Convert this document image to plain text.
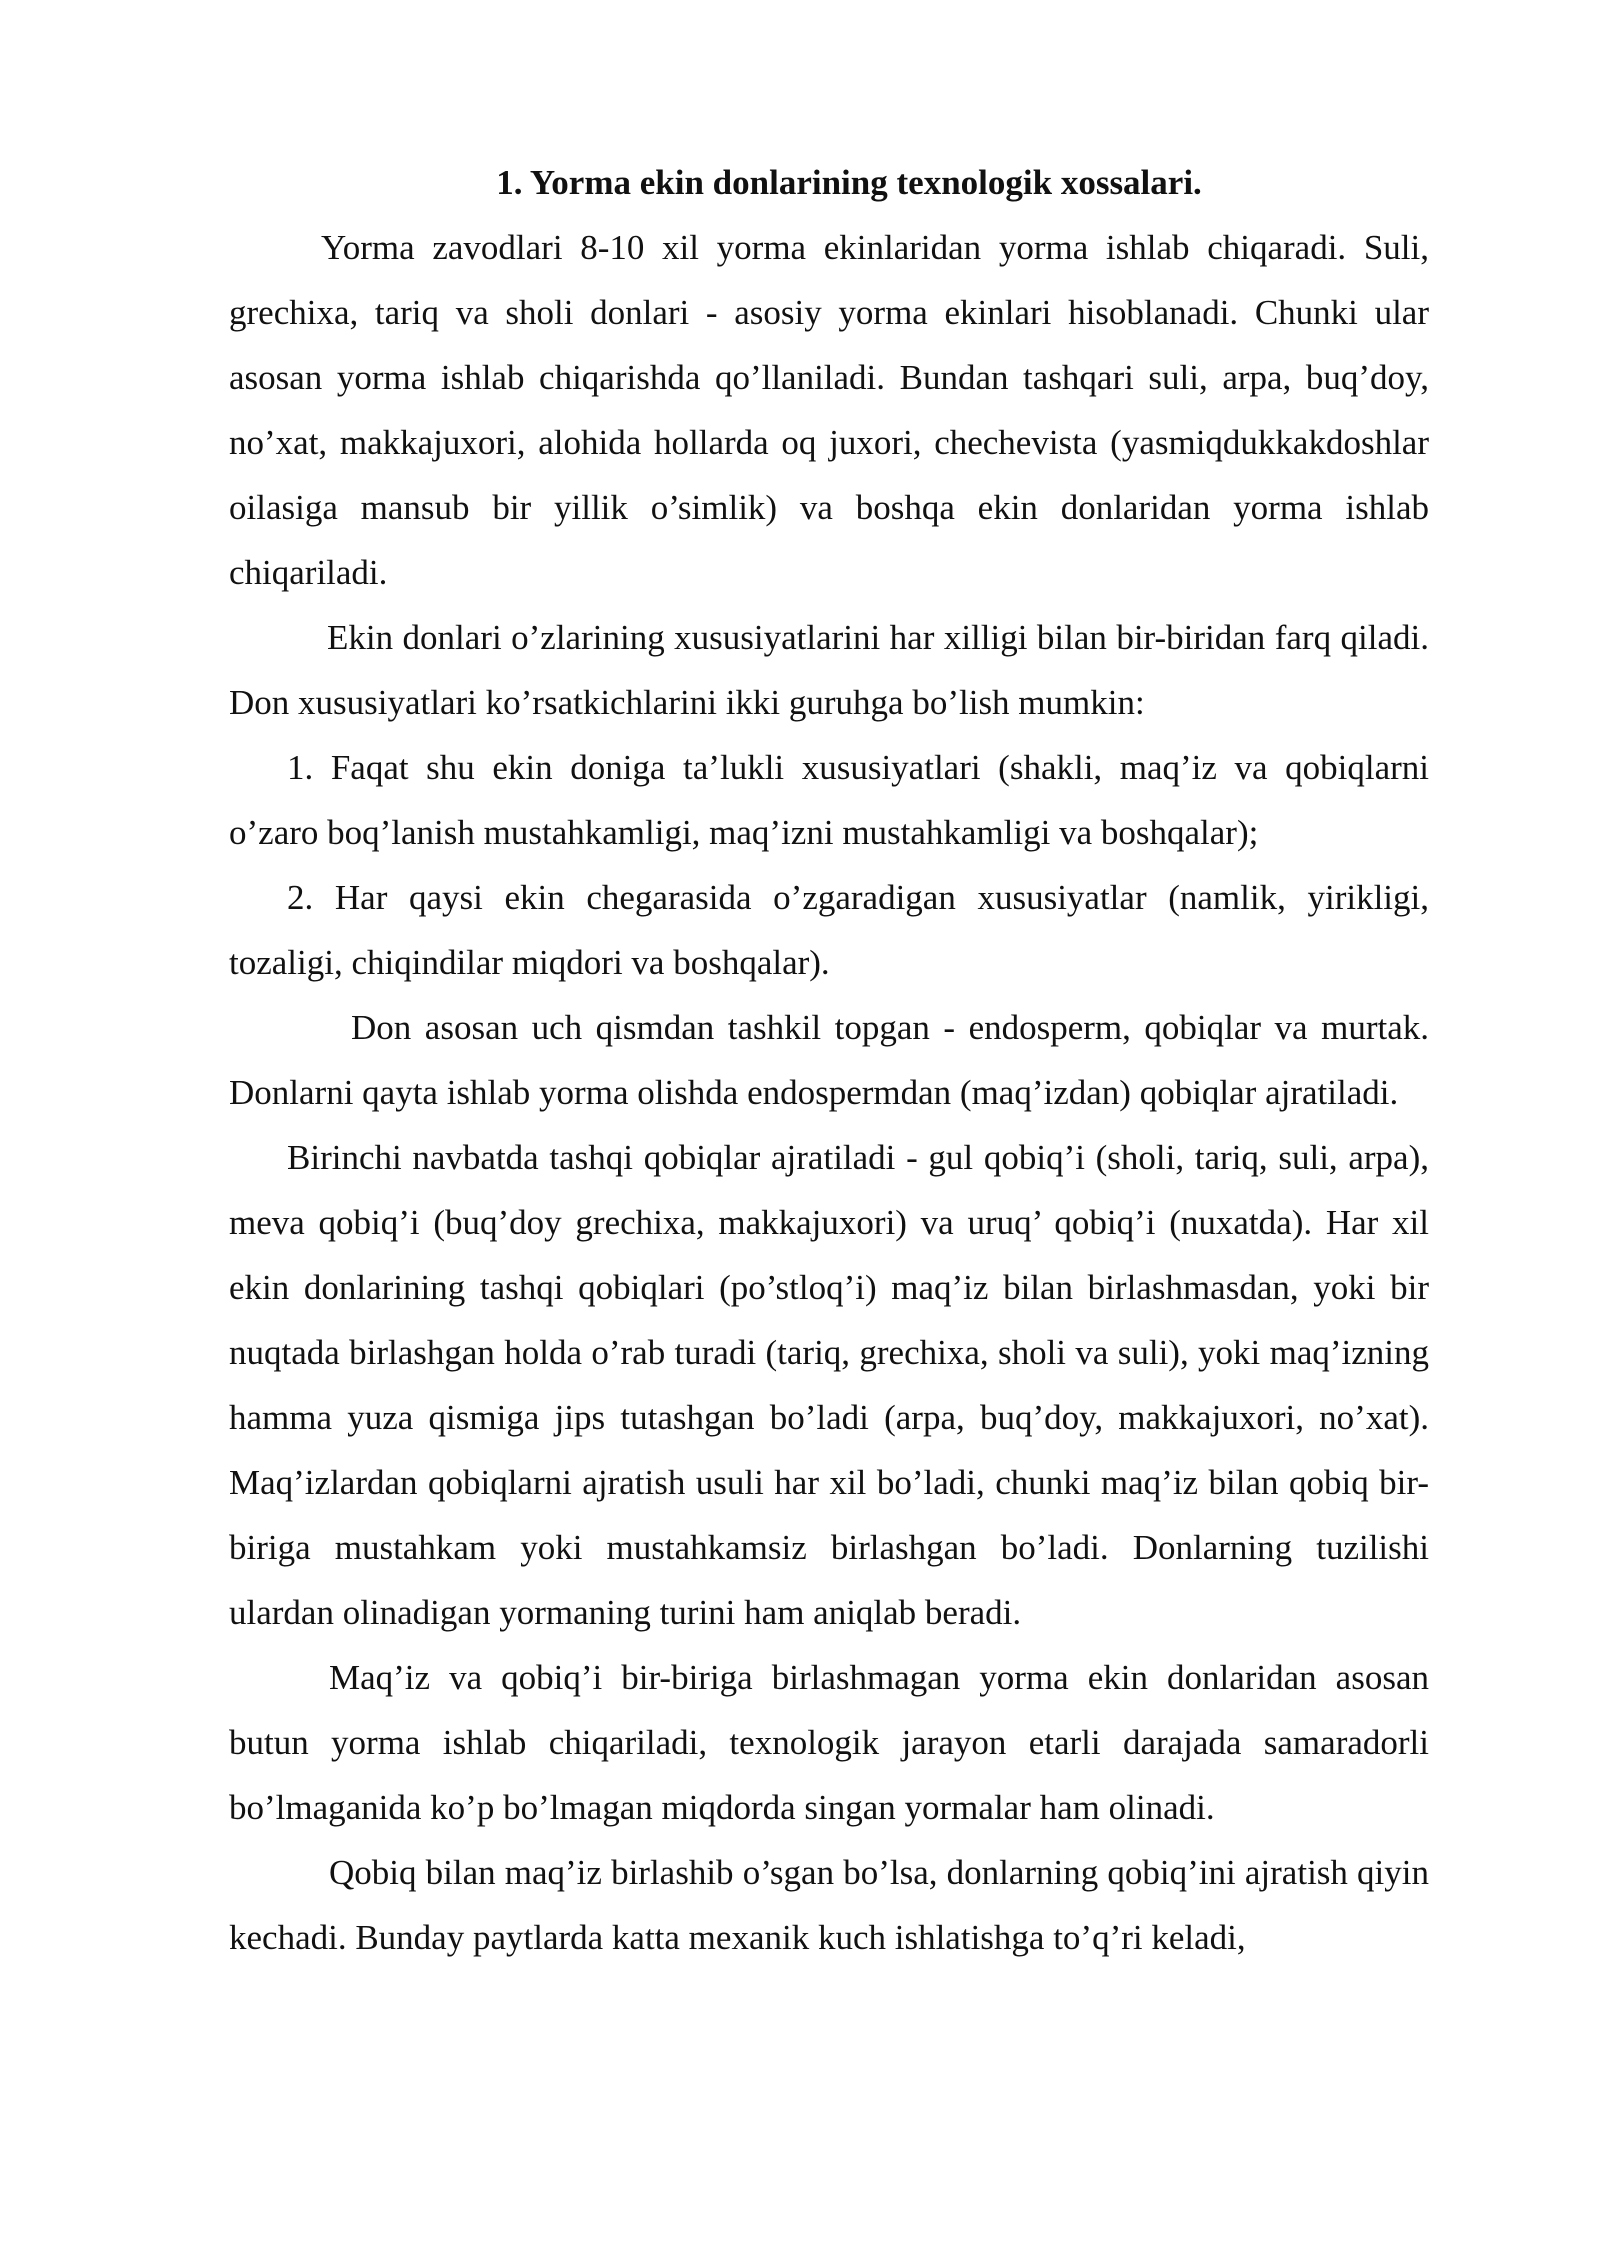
1. Yorma ekin donlarining texnologik xossalari.

Yorma zavodlari 8-10 xil yorma ekinlaridan yorma ishlab chiqaradi. Suli, grechixa, tariq va sholi donlari - asosiy yorma ekinlari hisoblanadi. Chunki ular asosan yorma ishlab chiqarishda qo’llaniladi. Bundan tashqari suli, arpa, buq’doy, no’xat, makkajuxori, alohida hollarda oq juxori, chechevista (yasmiqdukkakdoshlar oilasiga mansub bir yillik o’simlik) va boshqa ekin donlaridan yorma ishlab chiqariladi.

Ekin donlari o’zlarining xususiyatlarini har xilligi bilan bir-biridan farq qiladi. Don xususiyatlari ko’rsatkichlarini ikki guruhga bo’lish mumkin:

1. Faqat shu ekin doniga ta’lukli xususiyatlari (shakli, maq’iz va qobiqlarni o’zaro boq’lanish mustahkamligi, maq’izni mustahkamligi va boshqalar);

2. Har qaysi ekin chegarasida o’zgaradigan xususiyatlar (namlik, yirikligi, tozaligi, chiqindilar miqdori va boshqalar).

Don asosan uch qismdan tashkil topgan - endosperm, qobiqlar va murtak. Donlarni qayta ishlab yorma olishda endospermdan (maq’izdan) qobiqlar ajratiladi.

Birinchi navbatda tashqi qobiqlar ajratiladi - gul qobiq’i (sholi, tariq, suli, arpa), meva qobiq’i (buq’doy grechixa, makkajuxori) va uruq’ qobiq’i (nuxatda). Har xil ekin donlarining tashqi qobiqlari (po’stloq’i) maq’iz bilan birlashmasdan, yoki bir nuqtada birlashgan holda o’rab turadi (tariq, grechixa, sholi va suli), yoki maq’izning hamma yuza qismiga jips tutashgan bo’ladi (arpa, buq’doy, makkajuxori, no’xat). Maq’izlardan qobiqlarni ajratish usuli har xil bo’ladi, chunki maq’iz bilan qobiq bir-biriga mustahkam yoki mustahkamsiz birlashgan bo’ladi. Donlarning tuzilishi ulardan olinadigan yormaning turini ham aniqlab beradi.

Maq’iz va qobiq’i bir-biriga birlashmagan yorma ekin donlaridan asosan butun yorma ishlab chiqariladi, texnologik jarayon etarli darajada samaradorli bo’lmaganida ko’p bo’lmagan miqdorda singan yormalar ham olinadi.

Qobiq bilan maq’iz birlashib o’sgan bo’lsa, donlarning qobiq’ini ajratish qiyin kechadi. Bunday paytlarda katta mexanik kuch ishlatishga to’q’ri keladi,
